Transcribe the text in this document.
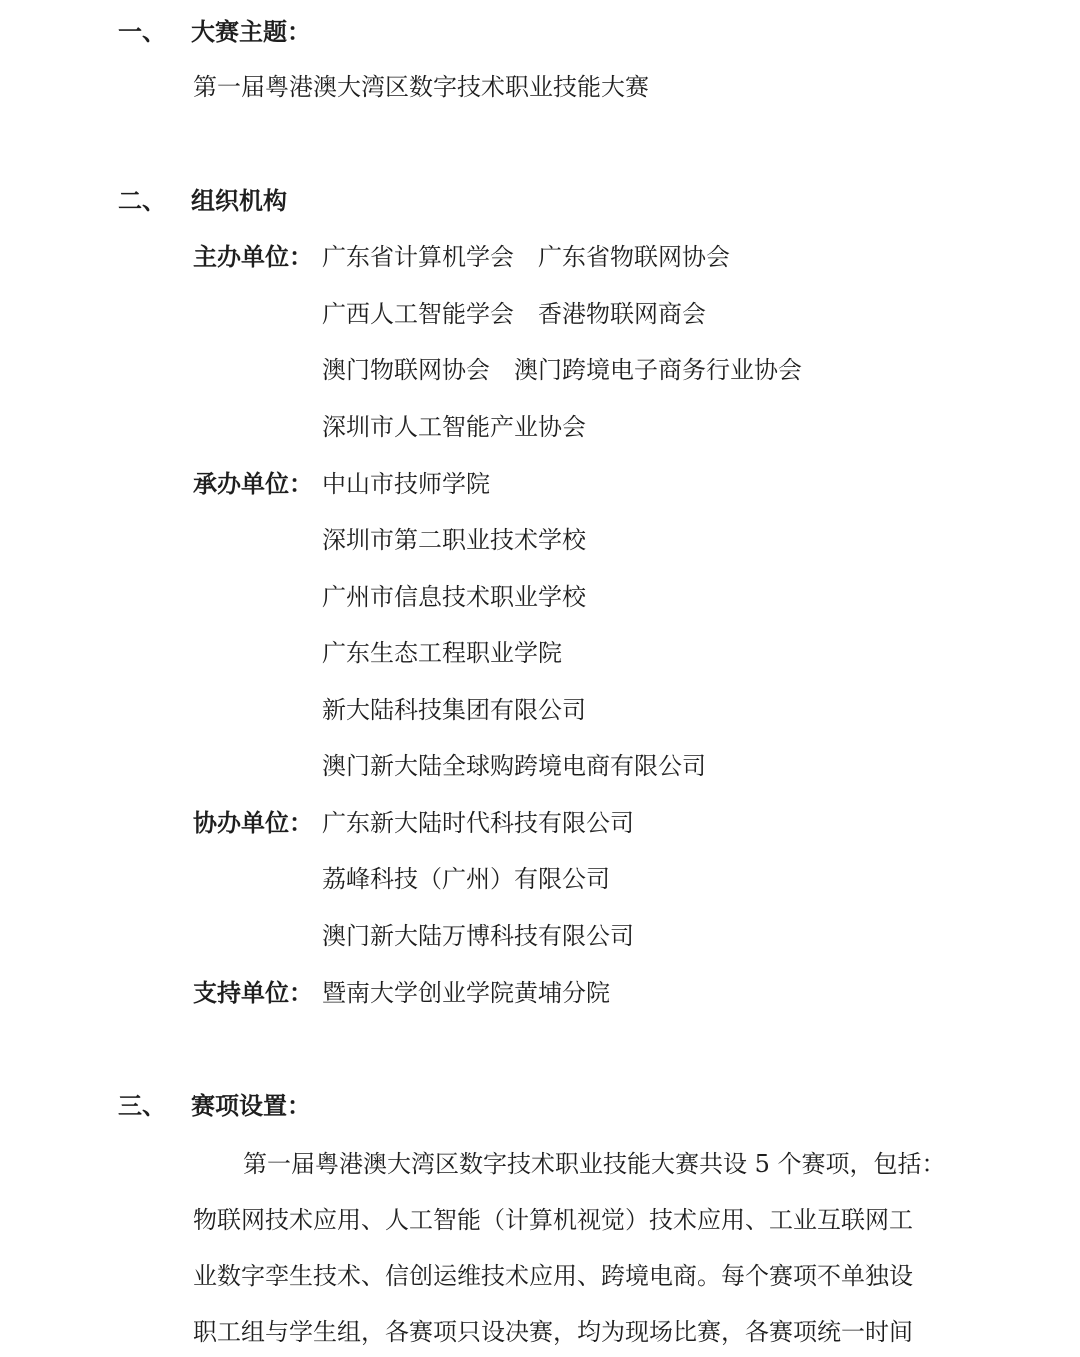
一、 大赛主题：
第一届粤港澳大湾区数字技术职业技能大赛
二、 组织机构
主办单位： 广东省计算机学会　广东省物联网协会
广西人工智能学会　香港物联网商会
澳门物联网协会　澳门跨境电子商务行业协会
深圳市人工智能产业协会
承办单位： 中山市技师学院
深圳市第二职业技术学校
广州市信息技术职业学校
广东生态工程职业学院
新大陆科技集团有限公司
澳门新大陆全球购跨境电商有限公司
协办单位： 广东新大陆时代科技有限公司
荔峰科技（广州）有限公司
澳门新大陆万博科技有限公司
支持单位： 暨南大学创业学院黄埔分院
三、 赛项设置：
第一届粤港澳大湾区数字技术职业技能大赛共设 5 个赛项，包括：
物联网技术应用、人工智能（计算机视觉）技术应用、工业互联网工
业数字孪生技术、信创运维技术应用、跨境电商。每个赛项不单独设
职工组与学生组，各赛项只设决赛，均为现场比赛，各赛项统一时间
